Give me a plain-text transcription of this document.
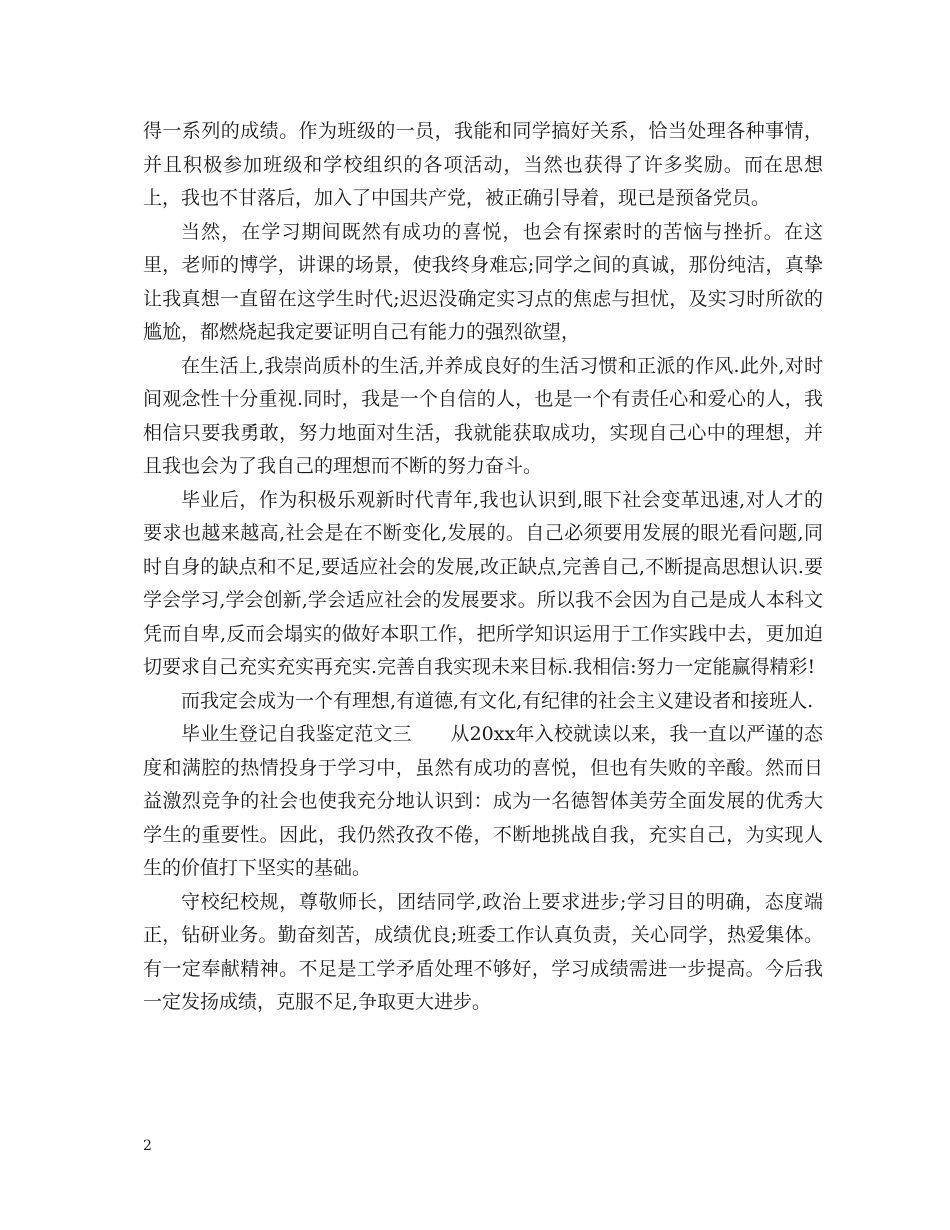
得一系列的成绩。作为班级的一员，我能和同学搞好关系，恰当处理各种事情，并且积极参加班级和学校组织的各项活动，当然也获得了许多奖励。而在思想上，我也不甘落后，加入了中国共产党，被正确引导着，现已是预备党员。

当然，在学习期间既然有成功的喜悦，也会有探索时的苦恼与挫折。在这里，老师的博学，讲课的场景，使我终身难忘;同学之间的真诚，那份纯洁，真挚让我真想一直留在这学生时代;迟迟没确定实习点的焦虑与担忧，及实习时所欲的尴尬，都燃烧起我定要证明自己有能力的强烈欲望，

在生活上,我崇尚质朴的生活,并养成良好的生活习惯和正派的作风.此外,对时间观念性十分重视.同时，我是一个自信的人，也是一个有责任心和爱心的人，我相信只要我勇敢，努力地面对生活，我就能获取成功，实现自己心中的理想，并且我也会为了我自己的理想而不断的努力奋斗。

毕业后，作为积极乐观新时代青年,我也认识到,眼下社会变革迅速,对人才的要求也越来越高,社会是在不断变化,发展的。自己必须要用发展的眼光看问题,同时自身的缺点和不足,要适应社会的发展,改正缺点,完善自己,不断提高思想认识.要学会学习,学会创新,学会适应社会的发展要求。所以我不会因为自己是成人本科文凭而自卑,反而会塌实的做好本职工作，把所学知识运用于工作实践中去，更加迫切要求自己充实充实再充实.完善自我实现未来目标.我相信:努力一定能赢得精彩!

而我定会成为一个有理想,有道德,有文化,有纪律的社会主义建设者和接班人.

毕业生登记自我鉴定范文三　　从20xx年入校就读以来，我一直以严谨的态度和满腔的热情投身于学习中，虽然有成功的喜悦，但也有失败的辛酸。然而日益激烈竞争的社会也使我充分地认识到：成为一名德智体美劳全面发展的优秀大学生的重要性。因此，我仍然孜孜不倦，不断地挑战自我，充实自己，为实现人生的价值打下坚实的基础。

守校纪校规，尊敬师长，团结同学,政治上要求进步;学习目的明确，态度端正，钻研业务。勤奋刻苦，成绩优良;班委工作认真负责，关心同学，热爱集体。有一定奉献精神。不足是工学矛盾处理不够好，学习成绩需进一步提高。今后我一定发扬成绩，克服不足,争取更大进步。

2
